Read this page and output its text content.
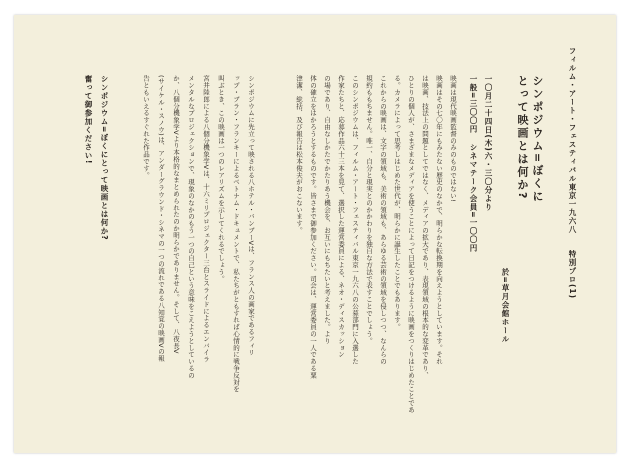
フィルム・アート・フェスティバル東京一九六八特別プロ(1)
シンポジウム=ぼくに
とって映画とは何か?
於=草月会館ホール
一〇月二十四日(木)六・三〇分より
一般=三〇〇円シネマテーク会員=一〇〇円
映画は現代映画監督のみのものではない!
映画はその七〇年にもみたない歴史のなかで、明らかな転換期を向えようとしています。それ
は映画、技法上の問題としてではなく、メディアの拡大であり、表現領域の根本的な変革であり、
ひとりの個人が、さまざまなメディアを使うことによって日記をつけるように映画をつくりはじめたことであ
る。カメラによって思考しはじめた世代が、明らかに誕生したことでもあります。
これからの映画は、文字の領域も、美術の領域も、あらゆる芸術の領域を侵しつつ、なんらの
規約ももちません。唯一、自分と現実とのかかわりを独自な方法で表すことでしょう。
このシンポジウムは、フィルム・アート・フェスティバル東京一九六八の公募部門に入選した
作家たちと、応募作品六十三本を見て、選択した運営委員による、ネオ・ディスカッション
の場であり、自由なしかたでかたりあう機会を、お互いにもちたいと考えました。より
体の確立をはかろうとするものです。皆さまで御参加ください。司会は、運営委員の一人である粟
津潔、総括、及び報告は松本俊夫がおこないます。
シンポジウムに先立って映される八ホテル・バンブーVは、フランス人の画家であるフィリ
ップ・ブラン・フランキーによるベトナム・ドキュメントで、私たちがともすれば心情的に戦争反対を
叫ぶとき、この映画は一つのレアリズムを示してくれるでしょう。
宮井陸郎による八個分機象学Vは、十六ミリプロジェクター三台とスライドによるエンバイラ
メンタルなプロジェクションで、現象のなかのもう一つの自己という意味をこえようとしているの
か、八個分機象学Vより本格的なまとめられたのか明らかでありません。そして、八夜長V
(サイケル・スノウ)は、アンダーグラウンド・シネマの一つの流れである八知覚の映画Vの報
告ともいえるすぐれた作品です。
シンポジウム=ぼくにとって映画とは何か?
奮って御参加ください!
